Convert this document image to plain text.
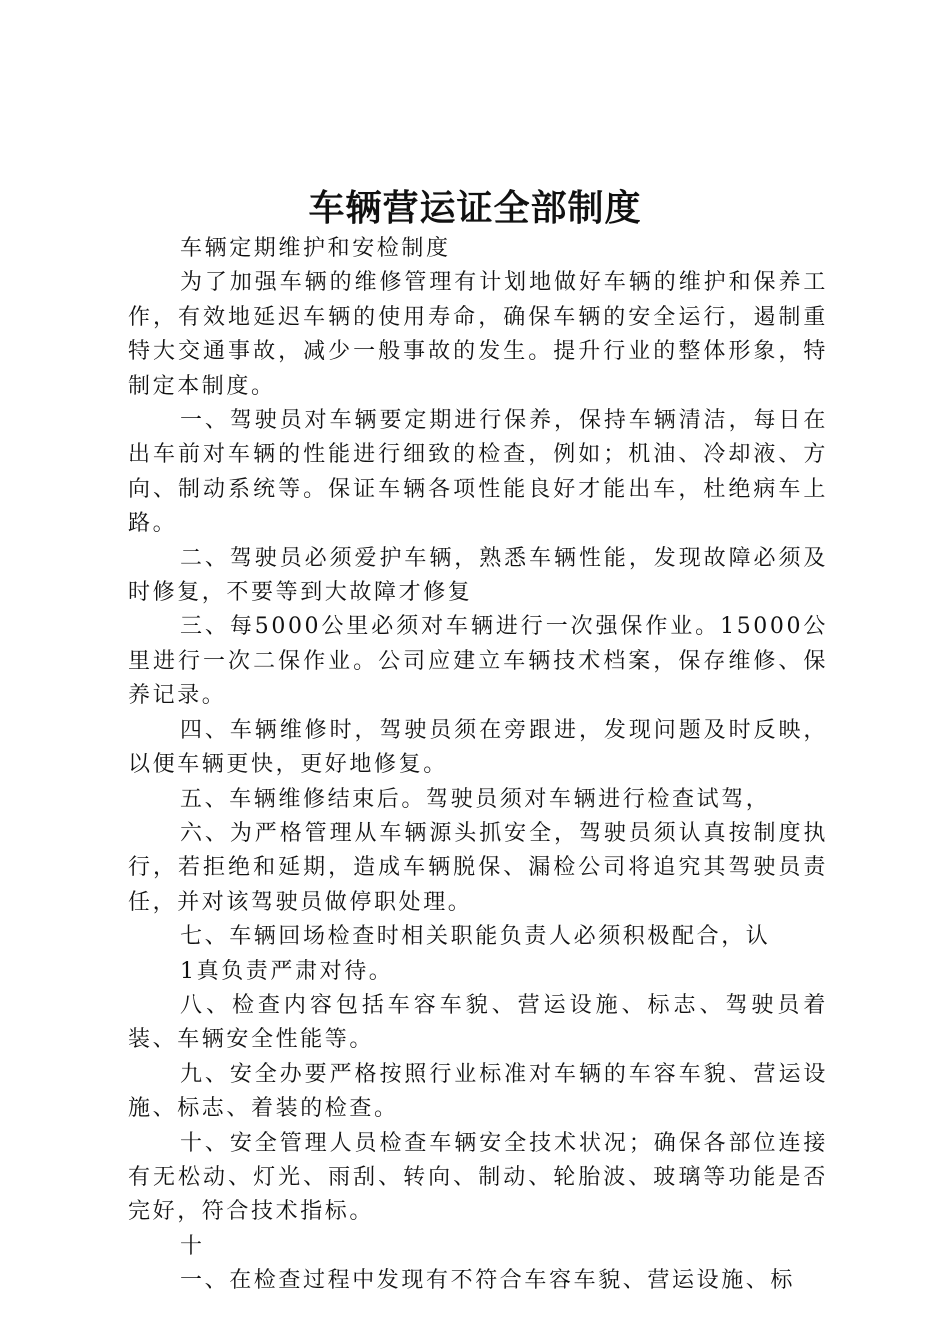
车辆营运证全部制度

车辆定期维护和安检制度

为了加强车辆的维修管理有计划地做好车辆的维护和保养工作，有效地延迟车辆的使用寿命，确保车辆的安全运行，遏制重特大交通事故，减少一般事故的发生。提升行业的整体形象，特制定本制度。

一、驾驶员对车辆要定期进行保养，保持车辆清洁，每日在出车前对车辆的性能进行细致的检查，例如；机油、冷却液、方向、制动系统等。保证车辆各项性能良好才能出车，杜绝病车上路。

二、驾驶员必须爱护车辆，熟悉车辆性能，发现故障必须及时修复，不要等到大故障才修复

三、每5000公里必须对车辆进行一次强保作业。15000公里进行一次二保作业。公司应建立车辆技术档案，保存维修、保养记录。

四、车辆维修时，驾驶员须在旁跟进，发现问题及时反映，以便车辆更快，更好地修复。

五、车辆维修结束后。驾驶员须对车辆进行检查试驾，

六、为严格管理从车辆源头抓安全，驾驶员须认真按制度执行，若拒绝和延期，造成车辆脱保、漏检公司将追究其驾驶员责任，并对该驾驶员做停职处理。

七、车辆回场检查时相关职能负责人必须积极配合，认

1真负责严肃对待。

八、检查内容包括车容车貌、营运设施、标志、驾驶员着装、车辆安全性能等。

九、安全办要严格按照行业标准对车辆的车容车貌、营运设施、标志、着装的检查。

十、安全管理人员检查车辆安全技术状况；确保各部位连接有无松动、灯光、雨刮、转向、制动、轮胎波、玻璃等功能是否完好，符合技术指标。

十

一、在检查过程中发现有不符合车容车貌、营运设施、标
